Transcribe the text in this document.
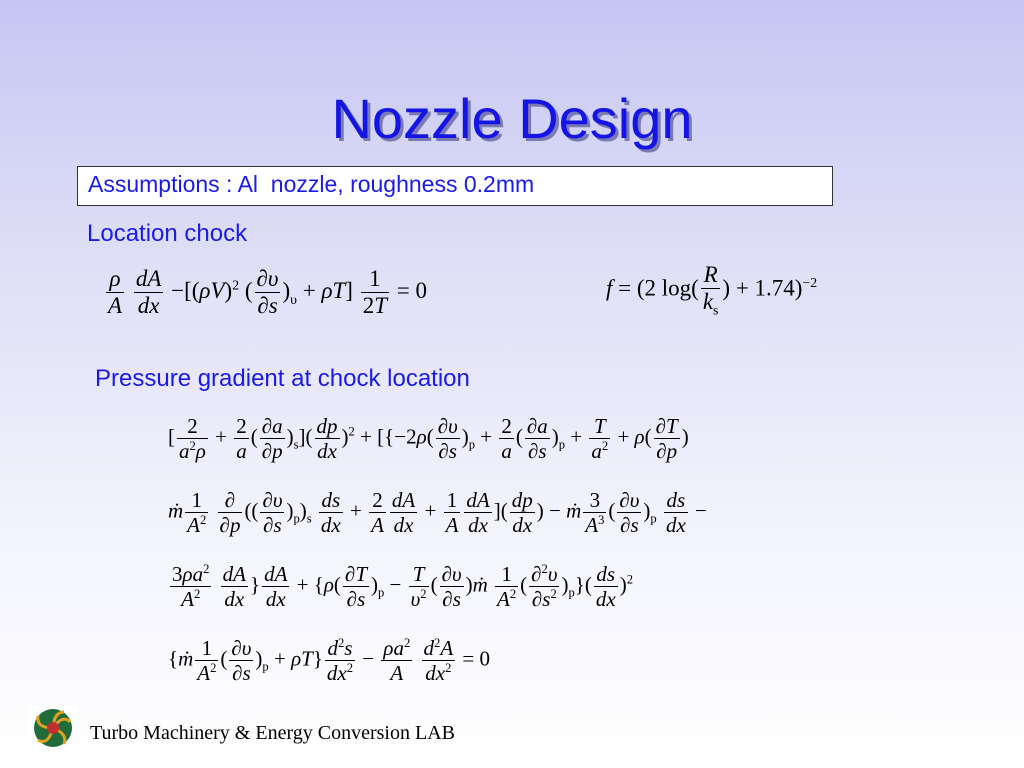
Nozzle Design
Assumptions : Al  nozzle, roughness 0.2mm
Location chock
$\frac{\rho}{A}$
$\frac{dA}{dx} -[(\rho V)^2$ ( $\frac{\partial\upsilon}{\partial s} )_\upsilon + \rho T] \frac{1}{2T} = 0$	f = (2 $\log( \frac{R}{k_s}$ ) + 1.74)$^{-2}$
Pressure gradient at chock location
[ $\frac{2}{a^2\rho} + \frac{2}{a}$ ( $\frac{\partial a}{\partial p} )_s]( \frac{dp}{dx} )^2 + [\{-2\rho( \frac{\partial\upsilon}{\partial s} )_p + \frac{2}{a}$ ( $\frac{\partial a}{\partial s} )_p + \frac{T}{a^2} + \rho( \frac{\partial T}{\partial p}$ )
ṁ $\frac{1}{A^2}$
$\frac{\partial}{\partial p}$ (( $\frac{\partial\upsilon}{\partial s} )_p)_s \frac{ds}{dx} + \frac{2}{A} \frac{dA}{dx} + \frac{1}{A} \frac{dA}{dx}$ ]( $\frac{dp}{dx}$ ) − ṁ $\frac{3}{A^3}$ ( $\frac{\partial\upsilon}{\partial s} )_p \frac{ds}{dx}$ −
$\frac{3\rho a^2}{A^2}$
$\frac{dA}{dx}$ } $\frac{dA}{dx} + \{\rho( \frac{\partial T}{\partial s} )_p - \frac{T}{\upsilon^2}$ ( $\frac{\partial\upsilon}{\partial s}$ )ṁ $\frac{1}{A^2}$ ( $\frac{\partial^2\upsilon}{\partial s^2} )_p\}( \frac{ds}{dx} )^2$
{ṁ $\frac{1}{A^2}$ ( $\frac{\partial\upsilon}{\partial s} )_p + \rho T\} \frac{d^2s}{dx^2} - \frac{\rho a^2}{A}$
$\frac{d^2A}{dx^2} = 0$
Turbo Machinery & Energy Conversion LAB
